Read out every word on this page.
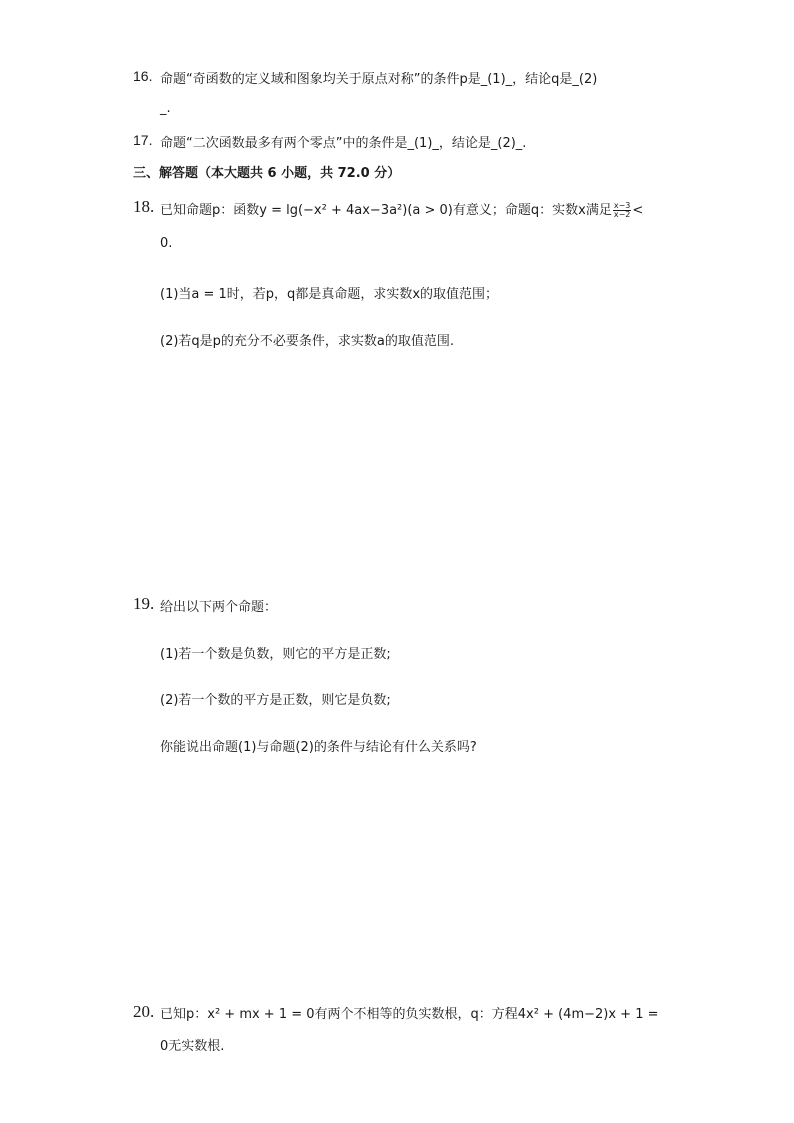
16. 命题“奇函数的定义域和图象均关于原点对称”的条件p是_(1)_，结论q是_(2)
_.
17. 命题“二次函数最多有两个零点”中的条件是_(1)_，结论是_(2)_.
三、解答题（本大题共 6 小题，共 72.0 分）
18. 已知命题p：函数y = lg(−x² + 4ax−3a²)(a > 0)有意义；命题q：实数x满足 $\frac{x-3}{x-2}$ <
0.
(1)当a = 1时，若p，q都是真命题，求实数x的取值范围；
(2)若q是p的充分不必要条件，求实数a的取值范围.
19. 给出以下两个命题：
(1)若一个数是负数，则它的平方是正数;
(2)若一个数的平方是正数，则它是负数;
你能说出命题(1)与命题(2)的条件与结论有什么关系吗?
20. 已知p：x² + mx + 1 = 0有两个不相等的负实数根，q：方程4x² + (4m−2)x + 1 =
0无实数根.
